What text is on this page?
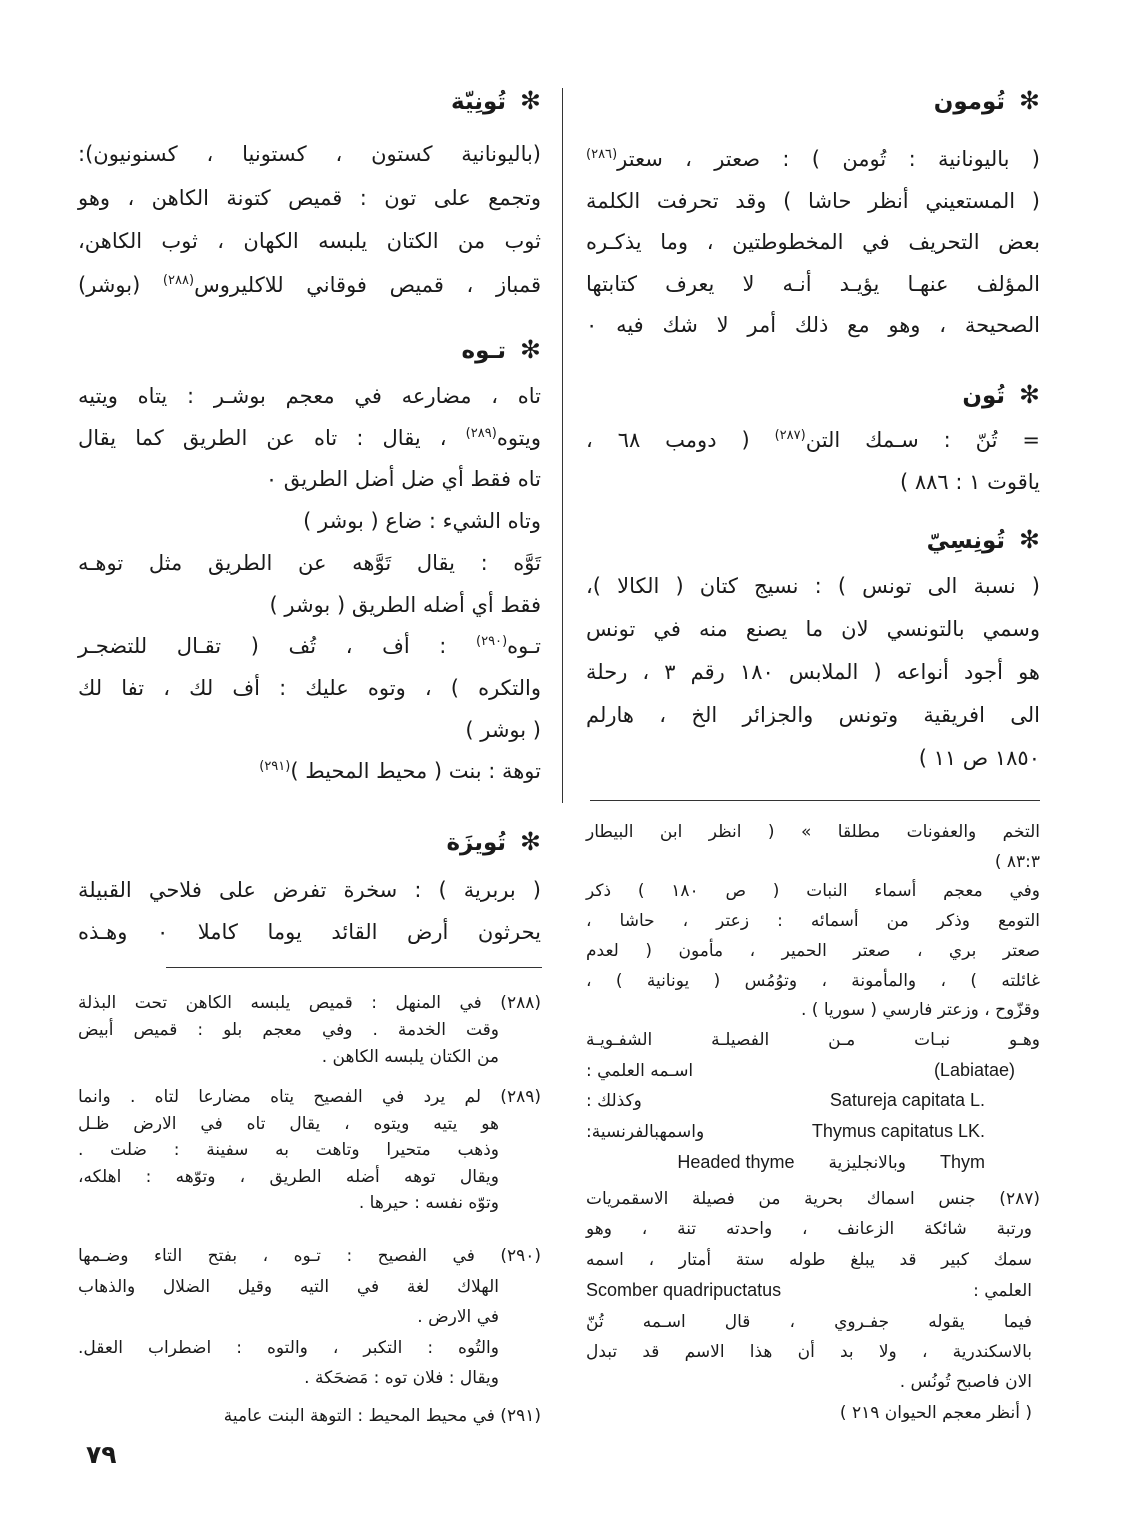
✻تُومون
( باليونانية : تُومن ) : صعتر ، سعتر$^{(٢٨٦)}$
( المستعيني أنظر حاشا ) وقد تحرفت الكلمة
بعض التحريف في المخطوطتين ، وما يذكـره
المؤلف عنهـا يؤيـد أنـه لا يعرف كتابتها
الصحيحة ، وهو مع ذلك أمر لا شك فيه ٠
✻تُون
= تُنّ : سـمك التن$^{(٢٨٧)}$ ( دومب ٦٨ ،
ياقوت ١ : ٨٨٦ )
✻تُونِسِيّ
( نسبة الى تونس ) : نسيج كتان ( الكالا )،
وسمي بالتونسي لان ما يصنع منه في تونس
هو أجود أنواعه ( الملابس ١٨٠ رقم ٣ ، رحلة
الى افريقية وتونس والجزائر الخ ، هارلم
١٨٥٠ ص ١١ )
التخم والعفونات مطلقا » ( انظر ابن البيطار
٨٣:٣ )
وفي معجم أسماء النبات ( ص ١٨٠ ) ذكر
التومع وذكر من أسمائه : زعتر ، حاشا ،
صعتر بري ، صعتر الحمير ، مأمون ( لعدم
غائلته ) ، والمأمونة ، وتوُمُس ( يونانية ) ،
وقزّوح ، وزعتر فارسي ( سوريا ) .
وهـو نبـات مـن الفصيلـة الشفـويـة
(Labiatae)
اسـمه العلمي :
Satureja capitata L.
وكذلك :
Thymus capitatus LK.
واسمهبالفرنسية:
Thym
وبالانجليزية
Headed thyme
(٢٨٧) جنس اسماك بحرية من فصيلة الاسقمريات
ورتبة شائكة الزعانف ، واحدته تنة ، وهو
سمك كبير قد يبلغ طوله ستة أمتار ، اسمه
العلمي :
Scomber quadripuctatus
فيما يقوله جفـروي ، قال اسـمه تُنّ
بالاسكندرية ، ولا بد أن هذا الاسم قد تبدل
الان فاصبح تُونُس .
( أنظر معجم الحيوان ٢١٩ )
✻تُونِيّة
(باليونانية كستون ، كستونيا ، كسنونيون):
وتجمع على تون : قميص كتونة الكاهن ، وهو
ثوب من الكتان يلبسه الكهان ، ثوب الكاهن،
قمباز ، قميص فوقاني للاكليروس$^{(٢٨٨)}$ (بوشر)
✻تـوه
تاه ، مضارعه في معجم بوشـر : يتاه ويتيه
ويتوه$^{(٢٨٩)}$ ، يقال : تاه عن الطريق كما يقال
تاه فقط أي ضل أضل الطريق ٠
وتاه الشيء : ضاع ( بوشر )
تَوَّه : يقال تَوَّهه عن الطريق مثل توهـه
فقط أي أضله الطريق ( بوشر )
تـوه$^{(٢٩٠)}$ : أف ، تُف ( تقـال للتضجـر
والتكره ) ، وتوه عليك : أف لك ، تفا لك
( بوشر )
توهة : بنت ( محيط المحيط )$^{(٢٩١)}$
✻تُويزَة
( بربرية ) : سخرة تفرض على فلاحي القبيلة
يحرثون أرض القائد يوما كاملا ٠ وهـذه
(٢٨٨) في المنهل : قميص يلبسه الكاهن تحت البذلة
وقت الخدمة . وفي معجم بلو : قميص أبيض
من الكتان يلبسه الكاهن .
(٢٨٩) لم يرد في الفصيح يتاه مضارعا لتاه . وانما
هو يتيه ويتوه ، يقال تاه في الارض ظـل
وذهب متحيرا وتاهت به سفينة : ضلت .
ويقال توهه أضله الطريق ، وتوّهه : اهلكه،
وتوّه نفسه : حيرها .
(٢٩٠) في الفصيح : تـوه ، بفتح التاء وضـمها
الهلاك لغة في التيه وقيل الضلال والذهاب
في الارض .
والتُوه : التكبر ، والتوه : اضطراب العقل.
ويقال : فلان توه : مَضحَكة .
(٢٩١) في محيط المحيط : التوهة البنت عامية
٧٩
